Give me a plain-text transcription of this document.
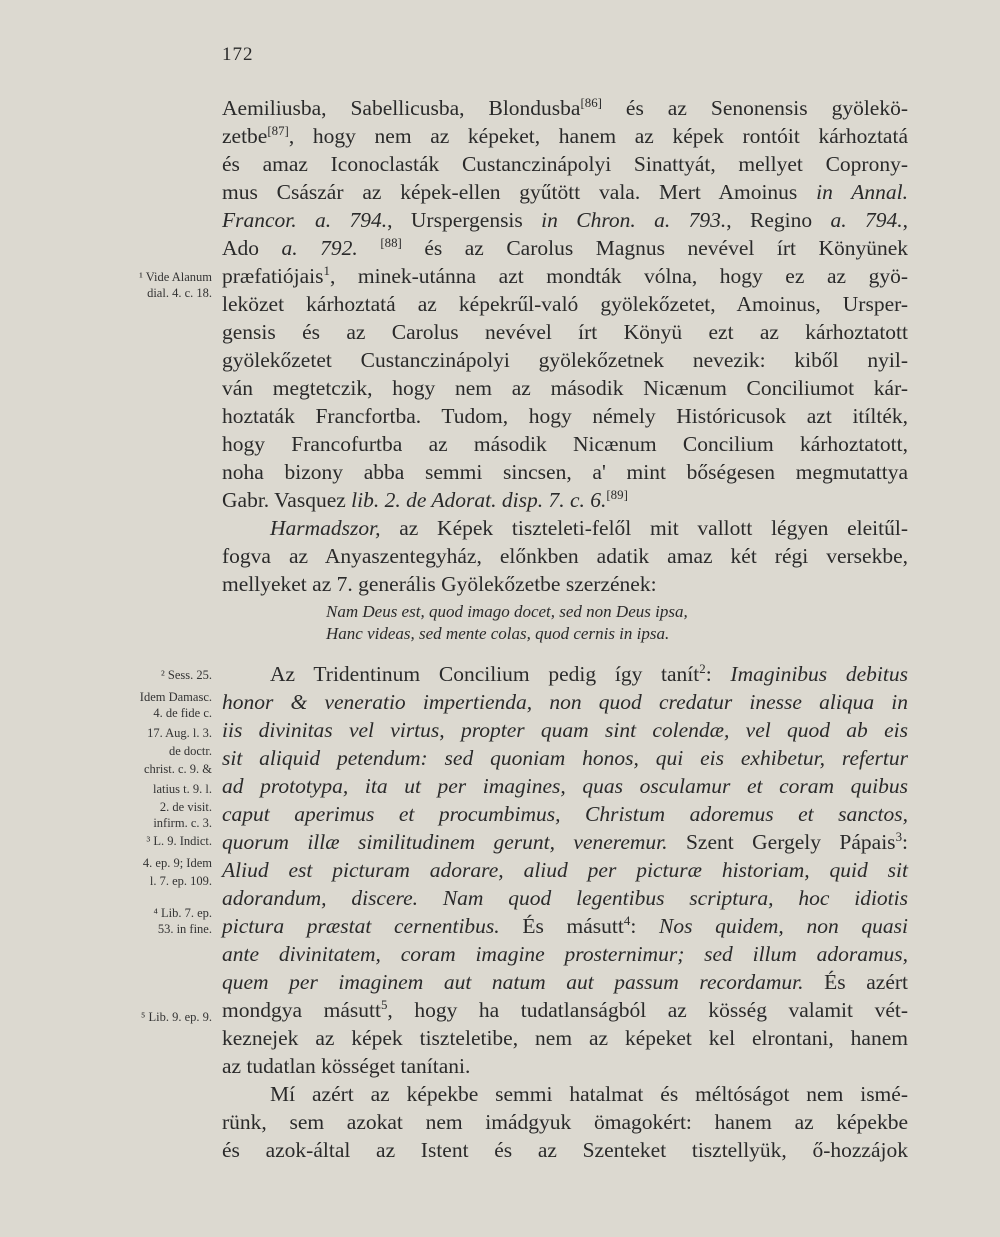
172
Aemiliusba, Sabellicusba, Blondusba[86] és az Senonensis gyölekö-
zetbe[87], hogy nem az képeket, hanem az képek rontóit kárhoztatá
és amaz Iconoclasták Custanczinápolyi Sinattyát, mellyet Coprony-
mus Császár az képek-ellen gyűtött vala. Mert Amoinus in Annal.
Francor. a. 794., Urspergensis in Chron. a. 793., Regino a. 794.,
Ado a. 792. [88] és az Carolus Magnus nevével írt Könyünek
præfatiójais$^1$, minek-utánna azt mondták vólna, hogy ez az gyö-
leközet kárhoztatá az képekrűl-való gyölekőzetet, Amoinus, Ursper-
gensis és az Carolus nevével írt Könyü ezt az kárhoztatott
gyölekőzetet Custanczinápolyi gyölekőzetnek nevezik: kiből nyil-
ván megtetczik, hogy nem az második Nicænum Conciliumot kár-
hoztaták Francfortba. Tudom, hogy némely Históricusok azt itílték,
hogy Francofurtba az második Nicænum Concilium kárhoztatott,
noha bizony abba semmi sincsen, a' mint bőségesen megmutattya
Gabr. Vasquez lib. 2. de Adorat. disp. 7. c. 6.[89]
Harmadszor, az Képek tiszteleti-felől mit vallott légyen eleitűl-
fogva az Anyaszentegyház, előnkben adatik amaz két régi versekbe,
mellyeket az 7. generális Gyölekőzetbe szerzének:
Nam Deus est, quod imago docet, sed non Deus ipsa,
Hanc videas, sed mente colas, quod cernis in ipsa.
Az Tridentinum Concilium pedig így tanít$^2$: Imaginibus debitus
honor & veneratio impertienda, non quod credatur inesse aliqua in
iis divinitas vel virtus, propter quam sint colendæ, vel quod ab eis
sit aliquid petendum: sed quoniam honos, qui eis exhibetur, refertur
ad prototypa, ita ut per imagines, quas osculamur et coram quibus
caput aperimus et procumbimus, Christum adoremus et sanctos,
quorum illæ similitudinem gerunt, veneremur. Szent Gergely Pápais$^3$:
Aliud est picturam adorare, aliud per picturæ historiam, quid sit
adorandum, discere. Nam quod legentibus scriptura, hoc idiotis
pictura præstat cernentibus. És másutt$^4$: Nos quidem, non quasi
ante divinitatem, coram imagine prosternimur; sed illum adoramus,
quem per imaginem aut natum aut passum recordamur. És azért
mondgya másutt$^5$, hogy ha tudatlanságból az kösség valamit vét-
keznejek az képek tiszteletibe, nem az képeket kel elrontani, hanem
az tudatlan kösséget tanítani.
Mí azért az képekbe semmi hatalmat és méltóságot nem ismé-
rünk, sem azokat nem imádgyuk ömagokért: hanem az képekbe
és azok-által az Istent és az Szenteket tisztellyük, ő-hozzájok
¹ Vide Alanum
dial. 4. c. 18.
² Sess. 25.
Idem Damasc.
4. de fide c.
17. Aug. l. 3.
de doctr.
christ. c. 9. &
latius t. 9. l.
2. de visit.
infirm. c. 3.
³ L. 9. Indict.
4. ep. 9; Idem
l. 7. ep. 109.
⁴ Lib. 7. ep.
53. in fine.
⁵ Lib. 9. ep. 9.
